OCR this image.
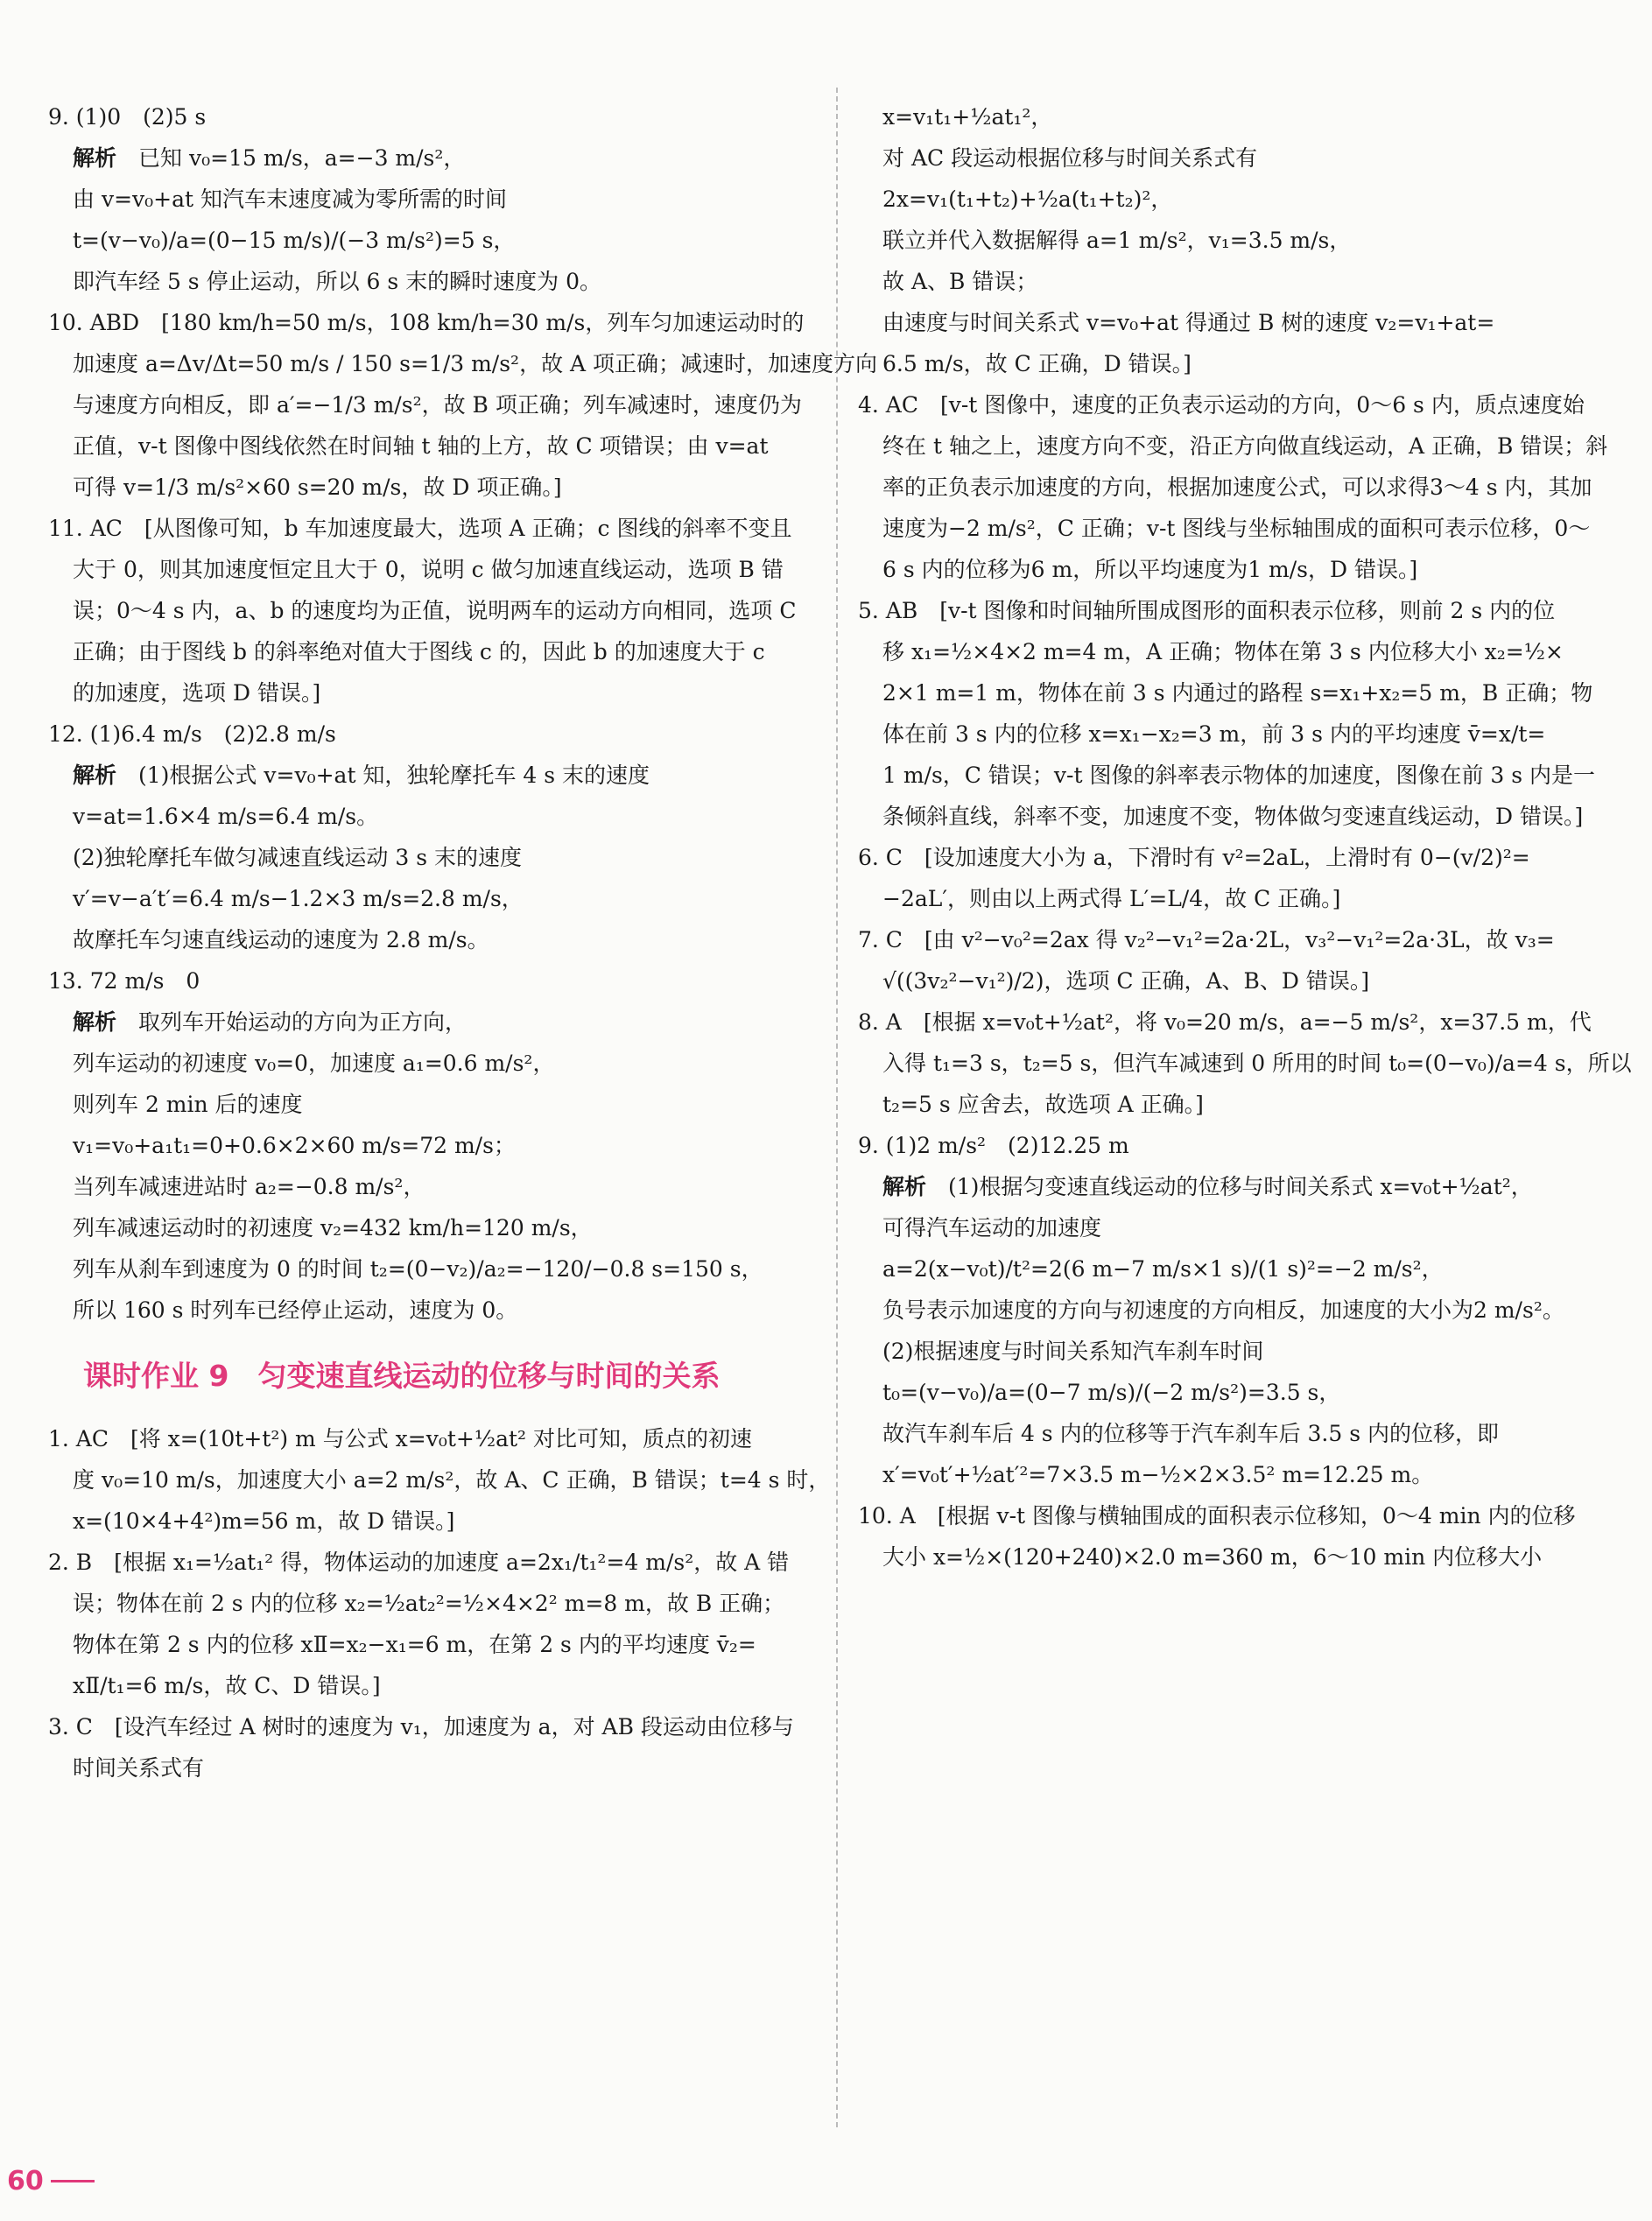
9. (1)0　(2)5 s

解析　已知 v₀=15 m/s，a=−3 m/s²，

由 v=v₀+at 知汽车末速度减为零所需的时间

t=(v−v₀)/a=(0−15 m/s)/(−3 m/s²)=5 s，

即汽车经 5 s 停止运动，所以 6 s 末的瞬时速度为 0。

10. ABD　[180 km/h=50 m/s，108 km/h=30 m/s，列车匀加速运动时的

加速度 a=Δv/Δt=50 m/s / 150 s=1/3 m/s²，故 A 项正确；减速时，加速度方向

与速度方向相反，即 a′=−1/3 m/s²，故 B 项正确；列车减速时，速度仍为

正值，v-t 图像中图线依然在时间轴 t 轴的上方，故 C 项错误；由 v=at

可得 v=1/3 m/s²×60 s=20 m/s，故 D 项正确。]

11. AC　[从图像可知，b 车加速度最大，选项 A 正确；c 图线的斜率不变且

大于 0，则其加速度恒定且大于 0，说明 c 做匀加速直线运动，选项 B 错

误；0～4 s 内，a、b 的速度均为正值，说明两车的运动方向相同，选项 C

正确；由于图线 b 的斜率绝对值大于图线 c 的，因此 b 的加速度大于 c

的加速度，选项 D 错误。]

12. (1)6.4 m/s　(2)2.8 m/s

解析　(1)根据公式 v=v₀+at 知，独轮摩托车 4 s 末的速度

v=at=1.6×4 m/s=6.4 m/s。

(2)独轮摩托车做匀减速直线运动 3 s 末的速度

v′=v−a′t′=6.4 m/s−1.2×3 m/s=2.8 m/s，

故摩托车匀速直线运动的速度为 2.8 m/s。

13. 72 m/s　0

解析　取列车开始运动的方向为正方向，

列车运动的初速度 v₀=0，加速度 a₁=0.6 m/s²，

则列车 2 min 后的速度

v₁=v₀+a₁t₁=0+0.6×2×60 m/s=72 m/s；

当列车减速进站时 a₂=−0.8 m/s²，

列车减速运动时的初速度 v₂=432 km/h=120 m/s，

列车从刹车到速度为 0 的时间 t₂=(0−v₂)/a₂=−120/−0.8 s=150 s，

所以 160 s 时列车已经停止运动，速度为 0。

课时作业 9　匀变速直线运动的位移与时间的关系

1. AC　[将 x=(10t+t²) m 与公式 x=v₀t+½at² 对比可知，质点的初速

度 v₀=10 m/s，加速度大小 a=2 m/s²，故 A、C 正确，B 错误；t=4 s 时，

x=(10×4+4²)m=56 m，故 D 错误。]

2. B　[根据 x₁=½at₁² 得，物体运动的加速度 a=2x₁/t₁²=4 m/s²，故 A 错

误；物体在前 2 s 内的位移 x₂=½at₂²=½×4×2² m=8 m，故 B 正确；

物体在第 2 s 内的位移 xⅡ=x₂−x₁=6 m，在第 2 s 内的平均速度 v̄₂=

xⅡ/t₁=6 m/s，故 C、D 错误。]

3. C　[设汽车经过 A 树时的速度为 v₁，加速度为 a，对 AB 段运动由位移与

时间关系式有

x=v₁t₁+½at₁²，

对 AC 段运动根据位移与时间关系式有

2x=v₁(t₁+t₂)+½a(t₁+t₂)²，

联立并代入数据解得 a=1 m/s²，v₁=3.5 m/s，

故 A、B 错误；

由速度与时间关系式 v=v₀+at 得通过 B 树的速度 v₂=v₁+at=

6.5 m/s，故 C 正确，D 错误。]

4. AC　[v-t 图像中，速度的正负表示运动的方向，0～6 s 内，质点速度始

终在 t 轴之上，速度方向不变，沿正方向做直线运动，A 正确，B 错误；斜

率的正负表示加速度的方向，根据加速度公式，可以求得3～4 s 内，其加

速度为−2 m/s²，C 正确；v-t 图线与坐标轴围成的面积可表示位移，0～

6 s 内的位移为6 m，所以平均速度为1 m/s，D 错误。]

5. AB　[v-t 图像和时间轴所围成图形的面积表示位移，则前 2 s 内的位

移 x₁=½×4×2 m=4 m，A 正确；物体在第 3 s 内位移大小 x₂=½×

2×1 m=1 m，物体在前 3 s 内通过的路程 s=x₁+x₂=5 m，B 正确；物

体在前 3 s 内的位移 x=x₁−x₂=3 m，前 3 s 内的平均速度 v̄=x/t=

1 m/s，C 错误；v-t 图像的斜率表示物体的加速度，图像在前 3 s 内是一

条倾斜直线，斜率不变，加速度不变，物体做匀变速直线运动，D 错误。]

6. C　[设加速度大小为 a，下滑时有 v²=2aL，上滑时有 0−(v/2)²=

−2aL′，则由以上两式得 L′=L/4，故 C 正确。]

7. C　[由 v²−v₀²=2ax 得 v₂²−v₁²=2a·2L，v₃²−v₁²=2a·3L，故 v₃=

√((3v₂²−v₁²)/2)，选项 C 正确，A、B、D 错误。]

8. A　[根据 x=v₀t+½at²，将 v₀=20 m/s，a=−5 m/s²，x=37.5 m，代

入得 t₁=3 s，t₂=5 s，但汽车减速到 0 所用的时间 t₀=(0−v₀)/a=4 s，所以

t₂=5 s 应舍去，故选项 A 正确。]

9. (1)2 m/s²　(2)12.25 m

解析　(1)根据匀变速直线运动的位移与时间关系式 x=v₀t+½at²，

可得汽车运动的加速度

a=2(x−v₀t)/t²=2(6 m−7 m/s×1 s)/(1 s)²=−2 m/s²，

负号表示加速度的方向与初速度的方向相反，加速度的大小为2 m/s²。

(2)根据速度与时间关系知汽车刹车时间

t₀=(v−v₀)/a=(0−7 m/s)/(−2 m/s²)=3.5 s，

故汽车刹车后 4 s 内的位移等于汽车刹车后 3.5 s 内的位移，即

x′=v₀t′+½at′²=7×3.5 m−½×2×3.5² m=12.25 m。

10. A　[根据 v-t 图像与横轴围成的面积表示位移知，0～4 min 内的位移

大小 x=½×(120+240)×2.0 m=360 m，6～10 min 内位移大小

60
